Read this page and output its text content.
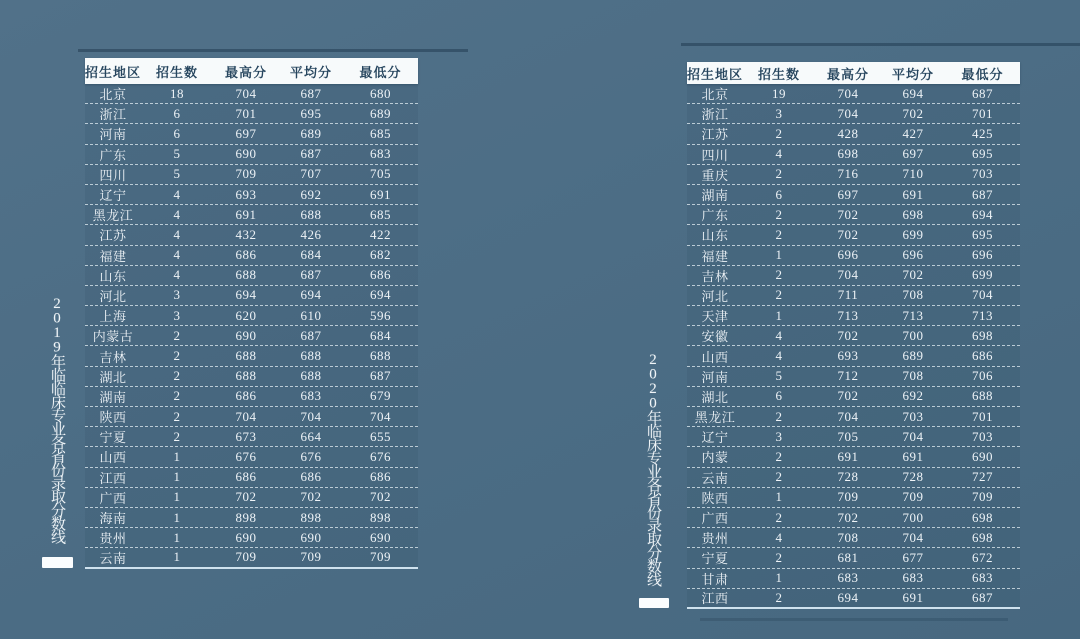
2019年临临床专业各省份录取分数线	2020年临床专业各省份录取分数线
招生地区	招生数	最高分	平均分	最低分
北京	18	704	687	680
浙江	6	701	695	689
河南	6	697	689	685
广东	5	690	687	683
四川	5	709	707	705
辽宁	4	693	692	691
黑龙江	4	691	688	685
江苏	4	432	426	422
福建	4	686	684	682
山东	4	688	687	686
河北	3	694	694	694
上海	3	620	610	596
内蒙古	2	690	687	684
吉林	2	688	688	688
湖北	2	688	688	687
湖南	2	686	683	679
陕西	2	704	704	704
宁夏	2	673	664	655
山西	1	676	676	676
江西	1	686	686	686
广西	1	702	702	702
海南	1	898	898	898
贵州	1	690	690	690
云南	1	709	709	709
招生地区	招生数	最高分	平均分	最低分
北京	19	704	694	687
浙江	3	704	702	701
江苏	2	428	427	425
四川	4	698	697	695
重庆	2	716	710	703
湖南	6	697	691	687
广东	2	702	698	694
山东	2	702	699	695
福建	1	696	696	696
吉林	2	704	702	699
河北	2	711	708	704
天津	1	713	713	713
安徽	4	702	700	698
山西	4	693	689	686
河南	5	712	708	706
湖北	6	702	692	688
黑龙江	2	704	703	701
辽宁	3	705	704	703
内蒙	2	691	691	690
云南	2	728	728	727
陕西	1	709	709	709
广西	2	702	700	698
贵州	4	708	704	698
宁夏	2	681	677	672
甘肃	1	683	683	683
江西	2	694	691	687
